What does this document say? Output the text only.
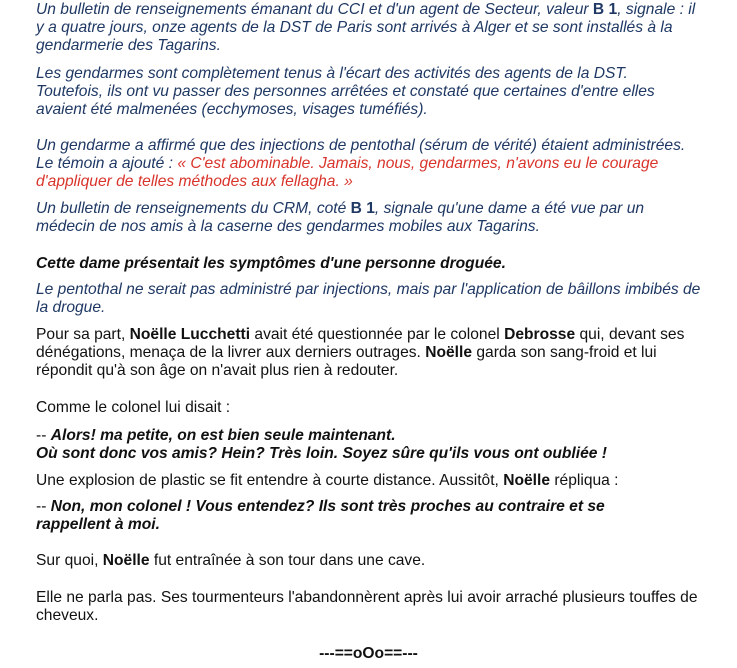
Un bulletin de renseignements émanant du CCI et d'un agent de Secteur, valeur B 1, signale : il y a quatre jours, onze agents de la DST de Paris sont arrivés à Alger et se sont installés à la gendarmerie des Tagarins.

Les gendarmes sont complètement tenus à l'écart des activités des agents de la DST. Toutefois, ils ont vu passer des personnes arrêtées et constaté que certaines d'entre elles avaient été malmenées (ecchymoses, visages tuméfiés).

Un gendarme a affirmé que des injections de pentothal (sérum de vérité) étaient administrées. Le témoin a ajouté : « C'est abominable. Jamais, nous, gendarmes, n'avons eu le courage d'appliquer de telles méthodes aux fellagha. »

Un bulletin de renseignements du CRM, coté B 1, signale qu'une dame a été vue par un médecin de nos amis à la caserne des gendarmes mobiles aux Tagarins.

Cette dame présentait les symptômes d'une personne droguée.

Le pentothal ne serait pas administré par injections, mais par l'application de bâillons imbibés de la drogue.

Pour sa part, Noëlle Lucchetti avait été questionnée par le colonel Debrosse qui, devant ses dénégations, menaça de la livrer aux derniers outrages. Noëlle garda son sang-froid et lui répondit qu'à son âge on n'avait plus rien à redouter.

Comme le colonel lui disait :

-- Alors! ma petite, on est bien seule maintenant.
Où sont donc vos amis? Hein? Très loin. Soyez sûre qu'ils vous ont oubliée !

Une explosion de plastic se fit entendre à courte distance. Aussitôt, Noëlle répliqua :

-- Non, mon colonel ! Vous entendez? Ils sont très proches au contraire et se rappellent à moi.

Sur quoi, Noëlle fut entraînée à son tour dans une cave.

Elle ne parla pas. Ses tourmenteurs l'abandonnèrent après lui avoir arraché plusieurs touffes de cheveux.

---==oOo==---
